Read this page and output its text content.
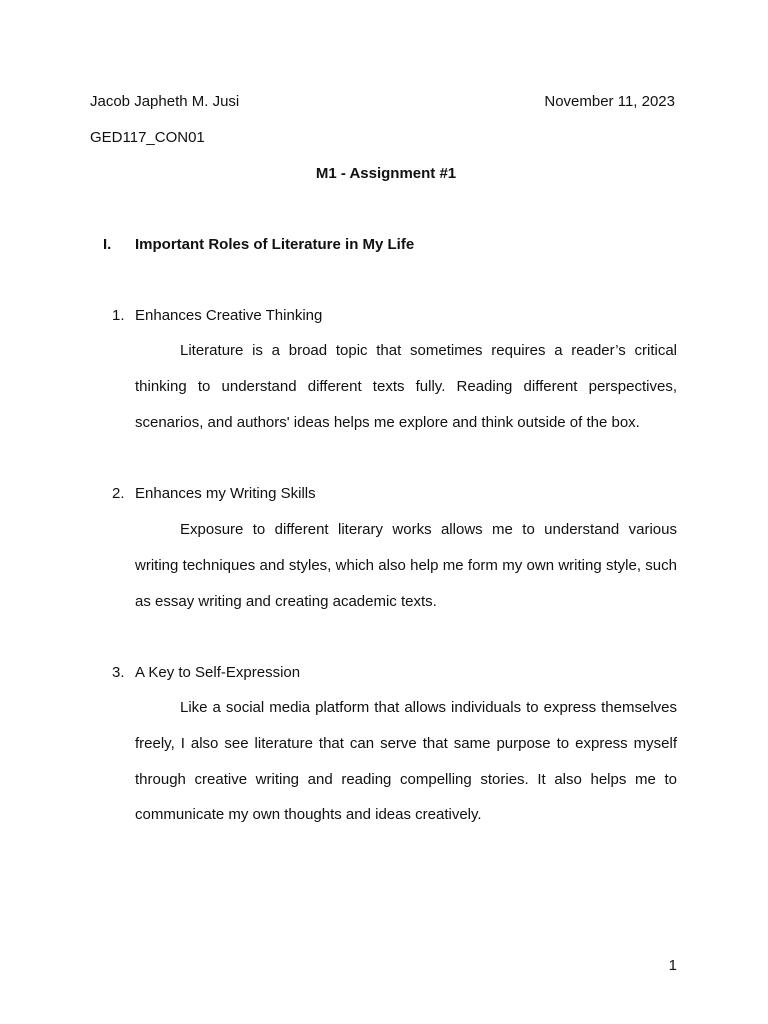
Jacob Japheth M. Jusi	November 11, 2023
GED117_CON01
M1 - Assignment #1
I. Important Roles of Literature in My Life
1. Enhances Creative Thinking

Literature is a broad topic that sometimes requires a reader’s critical thinking to understand different texts fully. Reading different perspectives, scenarios, and authors' ideas helps me explore and think outside of the box.

2. Enhances my Writing Skills

Exposure to different literary works allows me to understand various writing techniques and styles, which also help me form my own writing style, such as essay writing and creating academic texts.

3. A Key to Self-Expression

Like a social media platform that allows individuals to express themselves freely, I also see literature that can serve that same purpose to express myself through creative writing and reading compelling stories. It also helps me to communicate my own thoughts and ideas creatively.

1
